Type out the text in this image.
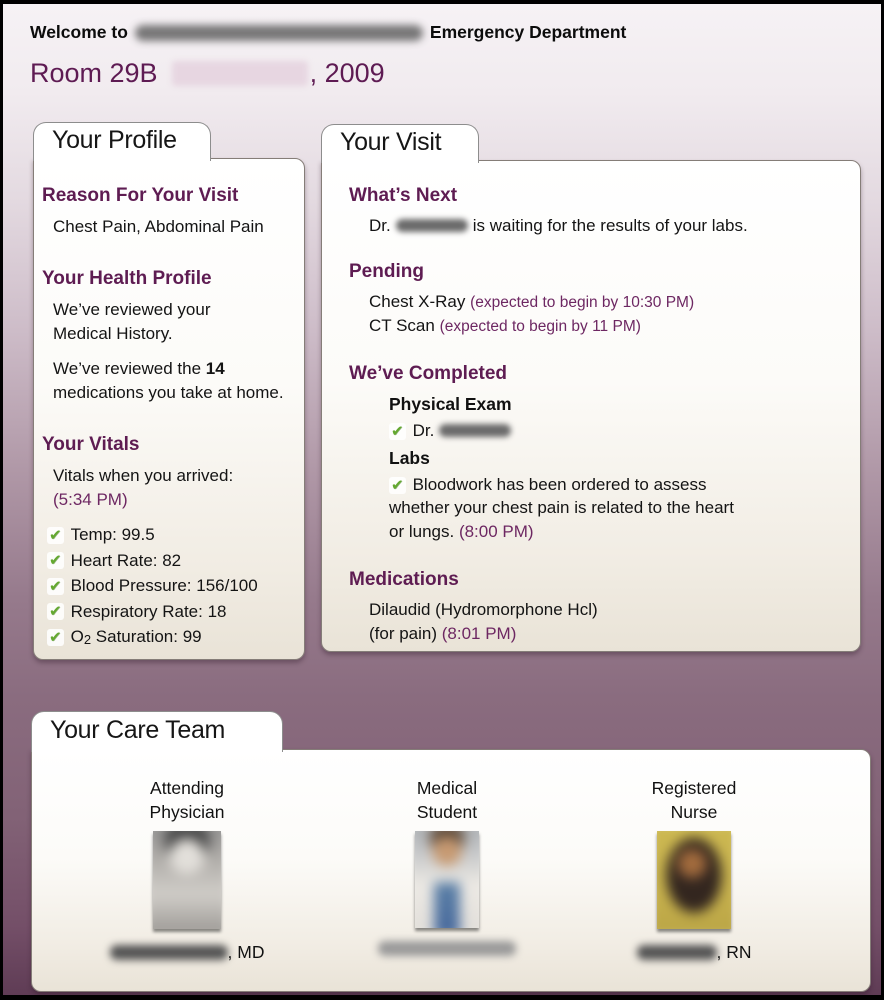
Welcome to	Emergency Department
Room 29B	, 2009
Reason For Your Visit
Chest Pain, Abdominal Pain
Your Health Profile
We’ve reviewed your Medical History.
We’ve reviewed the 14 medications you take at home.
Your Vitals
Vitals when you arrived:
(5:34 PM)
✔ Temp: 99.5
✔ Heart Rate: 82
✔ Blood Pressure: 156/100
✔ Respiratory Rate: 18
✔ O2 Saturation: 99
Your Profile
What’s Next
Dr.	is waiting for the results of your labs.
Pending
Chest X-Ray (expected to begin by 10:30 PM)
CT Scan (expected to begin by 11 PM)
We’ve Completed
Physical Exam
✔ Dr.
Labs
✔ Bloodwork has been ordered to assess whether your chest pain is related to the heart or lungs. (8:00 PM)
Medications
Dilaudid (Hydromorphone Hcl)
(for pain) (8:01 PM)
Your Visit
Attending Physician
, MD
Medical Student
Registered Nurse
, RN
Your Care Team
